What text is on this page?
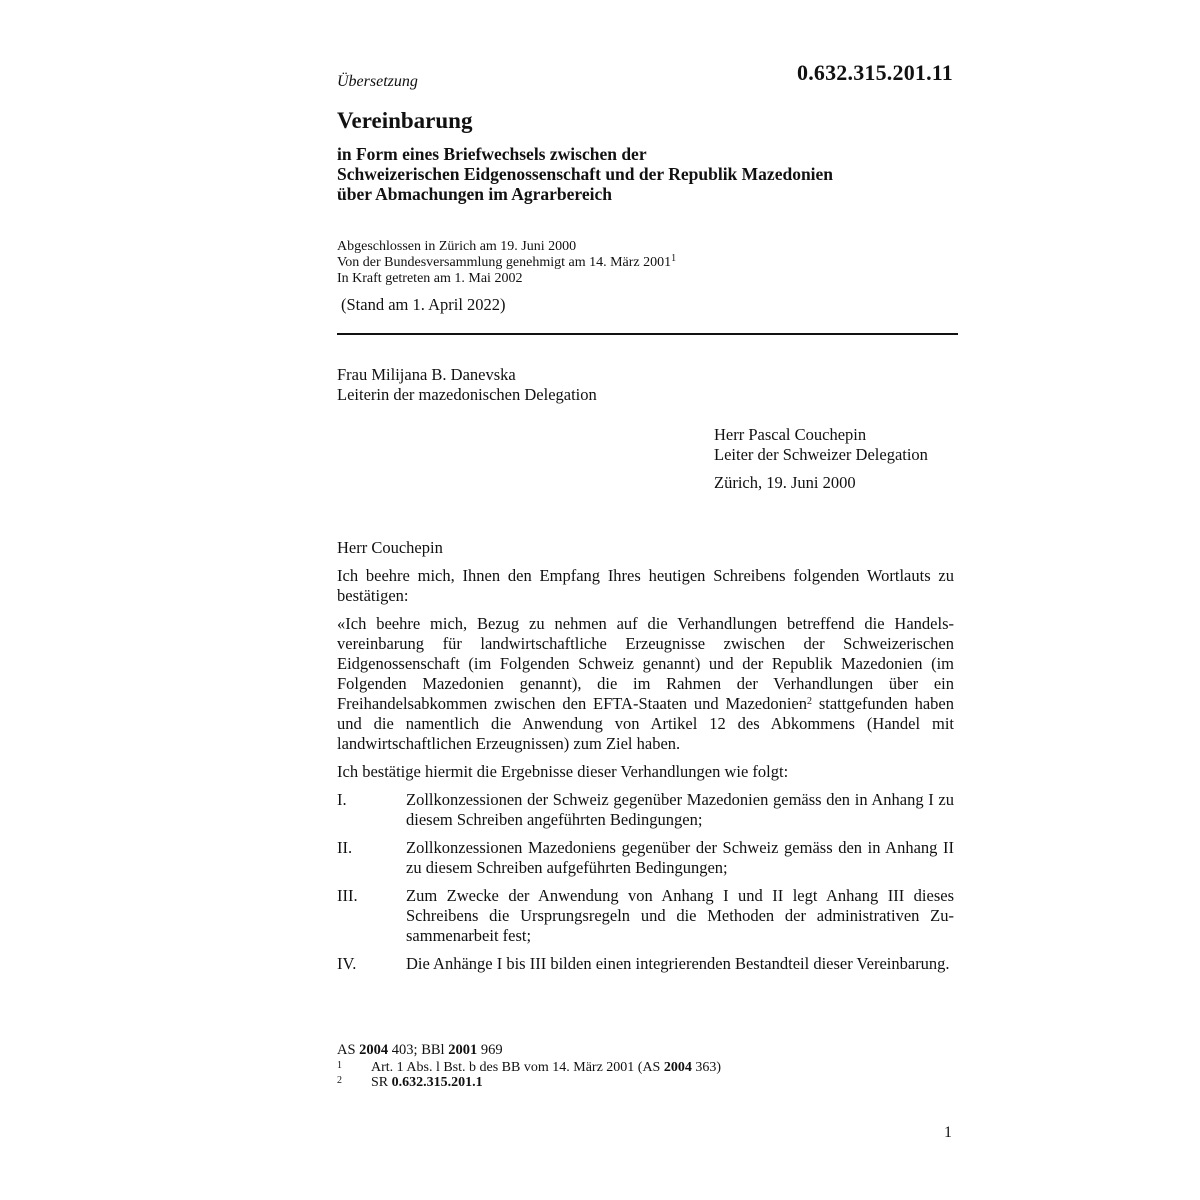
0.632.315.201.11
Übersetzung
Vereinbarung
in Form eines Briefwechsels zwischen der
Schweizerischen Eidgenossenschaft und der Republik Mazedonien
über Abmachungen im Agrarbereich
Abgeschlossen in Zürich am 19. Juni 2000
Von der Bundesversammlung genehmigt am 14. März 2001$^1$
In Kraft getreten am 1. Mai 2002
(Stand am 1. April 2022)
Frau Milijana B. Danevska
Leiterin der mazedonischen Delegation
Herr Pascal Couchepin
Leiter der Schweizer Delegation
Zürich, 19. Juni 2000

Herr Couchepin

Ich beehre mich, Ihnen den Empfang Ihres heutigen Schreibens folgenden Wortlauts zu bestätigen:

«Ich beehre mich, Bezug zu nehmen auf die Verhandlungen betreffend die Handelsvereinbarung für landwirtschaftliche Erzeugnisse zwischen der Schweizerischen Eidgenossenschaft (im Folgenden Schweiz genannt) und der Republik Mazedonien (im Folgenden Mazedonien genannt), die im Rahmen der Verhandlungen über ein Freihandelsabkommen zwischen den EFTA-Staaten und Mazedonien$^2$ stattgefunden haben und die namentlich die Anwendung von Artikel 12 des Abkommens (Handel mit landwirtschaftlichen Erzeugnissen) zum Ziel haben.

Ich bestätige hiermit die Ergebnisse dieser Verhandlungen wie folgt:

I.	Zollkonzessionen der Schweiz gegenüber Mazedonien gemäss den in Anhang I zu diesem Schreiben angeführten Bedingungen;
II.	Zollkonzessionen Mazedoniens gegenüber der Schweiz gemäss den in Anhang II zu diesem Schreiben aufgeführten Bedingungen;
III.	Zum Zwecke der Anwendung von Anhang I und II legt Anhang III dieses Schreibens die Ursprungsregeln und die Methoden der administrativen Zusammenarbeit fest;
IV.	Die Anhänge I bis III bilden einen integrierenden Bestandteil dieser Vereinbarung.
AS 2004 403; BBl 2001 969
1	Art. 1 Abs. l Bst. b des BB vom 14. März 2001 (AS 2004 363)
2	SR 0.632.315.201.1
1
